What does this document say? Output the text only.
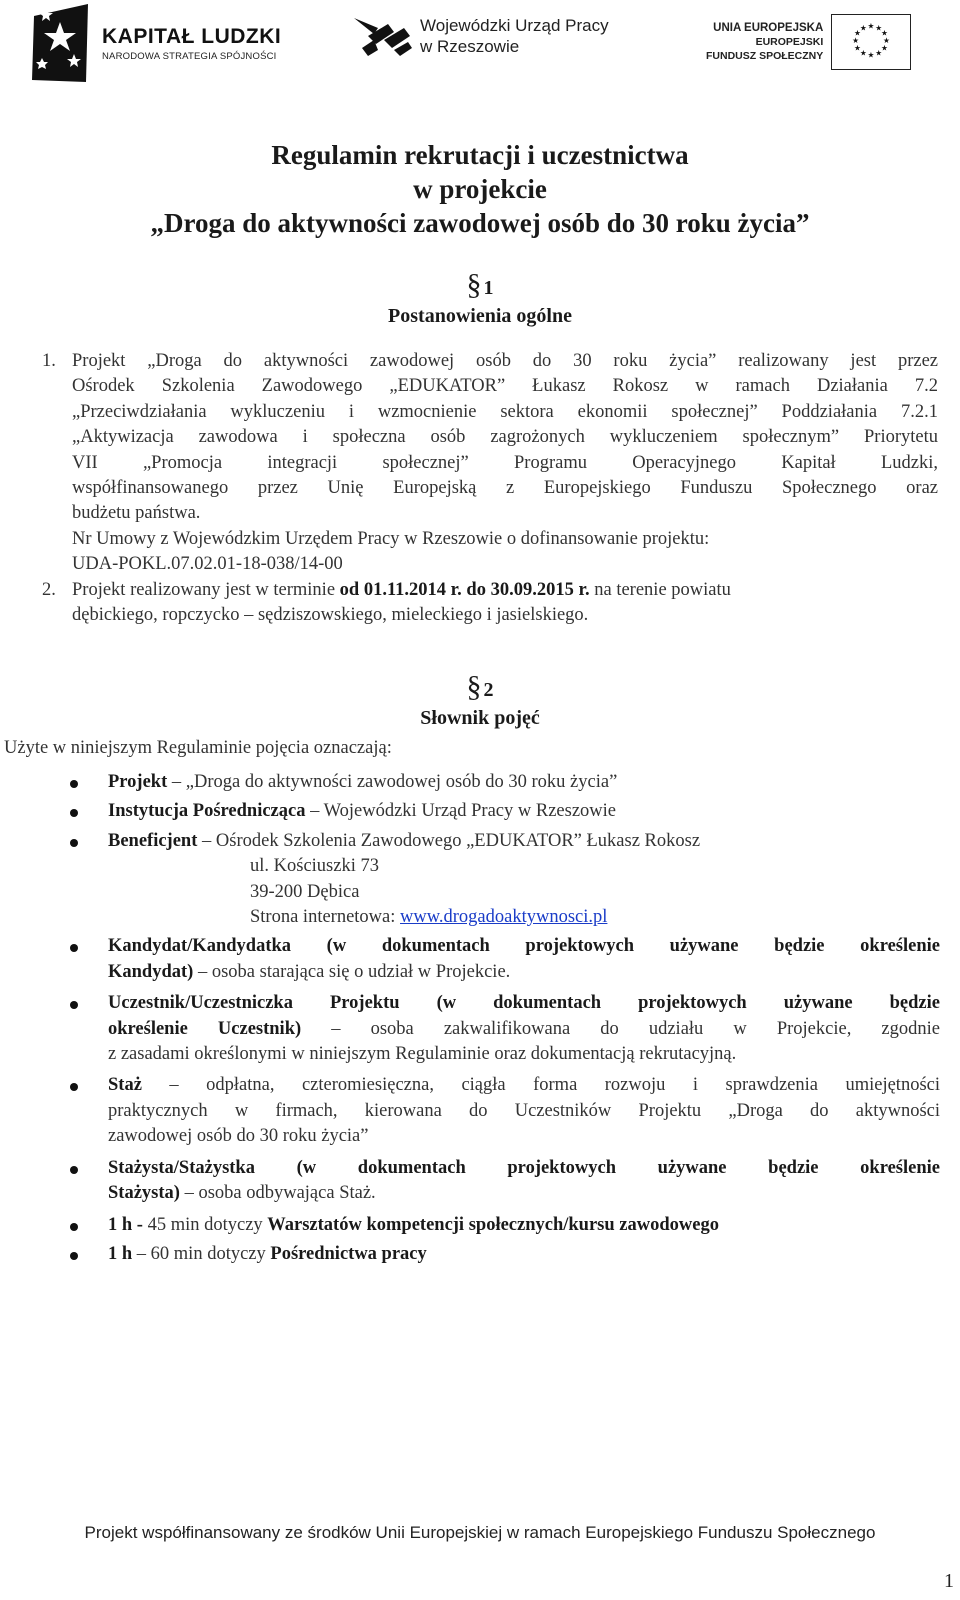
KAPITAŁ LUDZKI
NARODOWA STRATEGIA SPÓJNOŚCI
Wojewódzki Urząd Pracy
w Rzeszowie
UNIA EUROPEJSKA
EUROPEJSKI
FUNDUSZ SPOŁECZNY
★ ★
★
★
★
★
★
★
★
★
★
★
Regulamin rekrutacji i uczestnictwa
w projekcie
„Droga do aktywności zawodowej osób do 30 roku życia”
§ 1
Postanowienia ogólne
1. Projekt „Droga do aktywności zawodowej osób do 30 roku życia” realizowany jest przez
Ośrodek Szkolenia Zawodowego „EDUKATOR” Łukasz Rokosz w ramach Działania 7.2
„Przeciwdziałania wykluczeniu i wzmocnienie sektora ekonomii społecznej” Poddziałania 7.2.1
„Aktywizacja zawodowa i społeczna osób zagrożonych wykluczeniem społecznym” Priorytetu
VII „Promocja integracji społecznej” Programu Operacyjnego Kapitał Ludzki,
współfinansowanego przez Unię Europejską z Europejskiego Funduszu Społecznego oraz
budżetu państwa.
Nr Umowy z Wojewódzkim Urzędem Pracy w Rzeszowie o dofinansowanie projektu:
UDA-POKL.07.02.01-18-038/14-00
2. Projekt realizowany jest w terminie od 01.11.2014 r. do 30.09.2015 r. na terenie powiatu
dębickiego, ropczycko – sędziszowskiego, mieleckiego i jasielskiego.
§ 2
Słownik pojęć
Użyte w niniejszym Regulaminie pojęcia oznaczają:
Projekt – „Droga do aktywności zawodowej osób do 30 roku życia”
Instytucja Pośrednicząca – Wojewódzki Urząd Pracy w Rzeszowie
Beneficjent – Ośrodek Szkolenia Zawodowego „EDUKATOR” Łukasz Rokosz
ul. Kościuszki 73
39-200 Dębica
Strona internetowa: www.drogadoaktywnosci.pl
Kandydat/Kandydatka (w dokumentach projektowych używane będzie określenie
Kandydat) – osoba starająca się o udział w Projekcie.
Uczestnik/Uczestniczka Projektu (w dokumentach projektowych używane będzie
określenie Uczestnik) – osoba zakwalifikowana do udziału w Projekcie, zgodnie
z zasadami określonymi w niniejszym Regulaminie oraz dokumentacją rekrutacyjną.
Staż – odpłatna, czteromiesięczna, ciągła forma rozwoju i sprawdzenia umiejętności
praktycznych w firmach, kierowana do Uczestników Projektu „Droga do aktywności
zawodowej osób do 30 roku życia”
Stażysta/Stażystka (w dokumentach projektowych używane będzie określenie
Stażysta) – osoba odbywająca Staż.
1 h - 45 min dotyczy Warsztatów kompetencji społecznych/kursu zawodowego
1 h – 60 min dotyczy Pośrednictwa pracy
Projekt współfinansowany ze środków Unii Europejskiej w ramach Europejskiego Funduszu Społecznego
1
